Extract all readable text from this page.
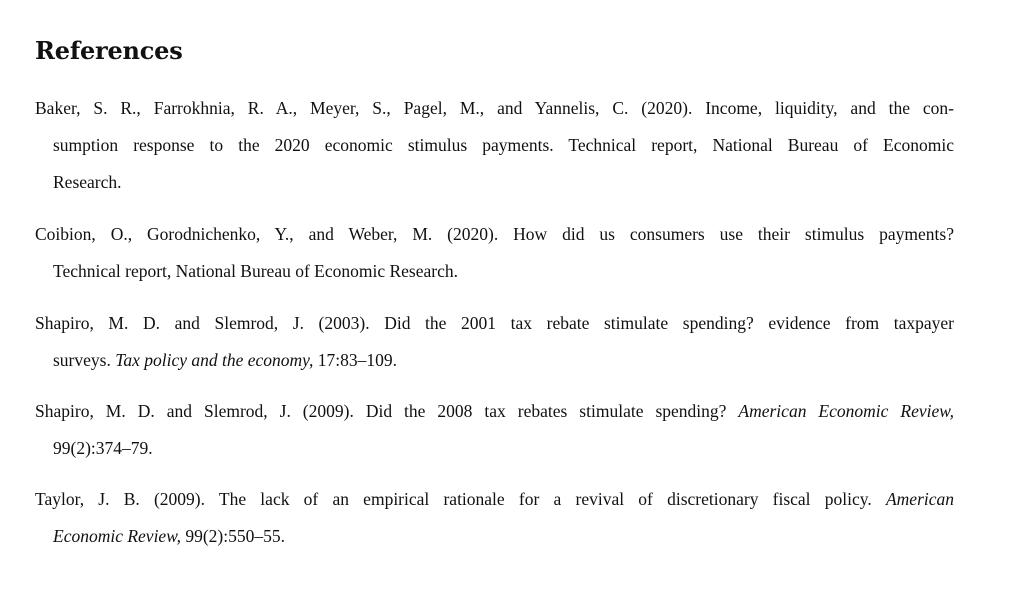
References
Baker, S. R., Farrokhnia, R. A., Meyer, S., Pagel, M., and Yannelis, C. (2020). Income, liquidity, and the con-
sumption response to the 2020 economic stimulus payments. Technical report, National Bureau of Economic
Research.
Coibion, O., Gorodnichenko, Y., and Weber, M. (2020). How did us consumers use their stimulus payments?
Technical report, National Bureau of Economic Research.
Shapiro, M. D. and Slemrod, J. (2003). Did the 2001 tax rebate stimulate spending? evidence from taxpayer
surveys. Tax policy and the economy, 17:83–109.
Shapiro, M. D. and Slemrod, J. (2009). Did the 2008 tax rebates stimulate spending? American Economic Review,
99(2):374–79.
Taylor, J. B. (2009). The lack of an empirical rationale for a revival of discretionary fiscal policy. American
Economic Review, 99(2):550–55.
